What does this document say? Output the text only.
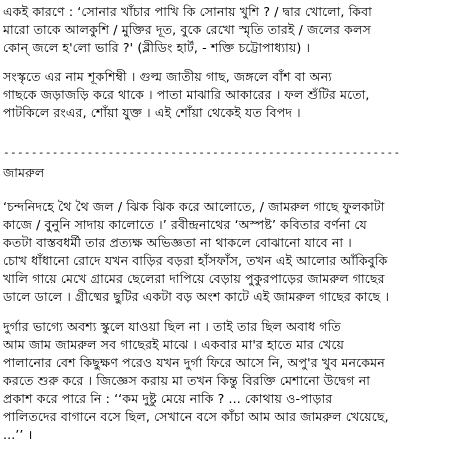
একই কারণে : ‘সোনার খাঁচার পাখি কি সোনায় খুশি ? / দ্বার খোলো, কিবা
মারো তাকে আলকুশি / মুক্তির দূত, বুকে রেখো স্মৃতি তারই / জলের কলস
কোন্‌ জলে হ'লো ভারি ?' (ব্লীডিং হার্ট, - শক্তি চট্টোপাধ্যায়) ।
সংস্কৃতে এর নাম শূকশিম্বী । গুল্ম জাতীয় গাছ, জঙ্গলে বাঁশ বা অন্য
গাছকে জড়াজড়ি করে থাকে । পাতা মাঝারি আকারের । ফল শুঁটির মতো,
পাটকিলে রংএর, শোঁয়া যুক্ত । এই শোঁয়া থেকেই যত বিপদ ।
---------------------------------------------------------
জামরুল
‘চন্দনিদহে থৈ থৈ জল / ঝিক ঝিক করে আলোতে, / জামরুল গাছে ফুলকাটা
কাজে / বুনুনি সাদায় কালোতে ।’ রবীন্দ্রনাথের ‘অস্পষ্ট’ কবিতার বর্ণনা যে
কতটা বাস্তবধর্মী তার প্রত্যক্ষ অভিজ্ঞতা না থাকলে বোঝানো যাবে না ।
চোখ ধাঁধানো রোদে যখন বাড়ির বড়রা হাঁসফাঁস, তখন এই আলোর আঁকিবুকি
খালি গায়ে মেখে গ্রামের ছেলেরা দাপিয়ে বেড়ায় পুকুরপাড়ের জামরুল গাছের
ডালে ডালে । গ্রীষ্মের ছুটির একটা বড় অংশ কাটে এই জামরুল গাছের কাছে ।
দুর্গার ভাগ্যে অবশ্য স্কুলে যাওয়া ছিল না । তাই তার ছিল অবাধ গতি
আম জাম জামরুল সব গাছেরই মাঝে । একবার মা'র হাতে মার খেয়ে
পালানোর বেশ কিছুক্ষণ পরেও যখন দুর্গা ফিরে আসে নি, অপু'র খুব মনকেমন
করতে শুরু করে । জিজ্ঞেস করায় মা তখন কিন্তু বিরক্তি মেশানো উদ্বেগ না
প্রকাশ করে পারে নি : ‘‘কম দুষ্টু মেয়ে নাকি ? ... কোথায় ও-পাড়ার
পালিতদের বাগানে বসে ছিল, সেখানে বসে কাঁচা আম আর জামরুল খেয়েছে,
...’’ ।
